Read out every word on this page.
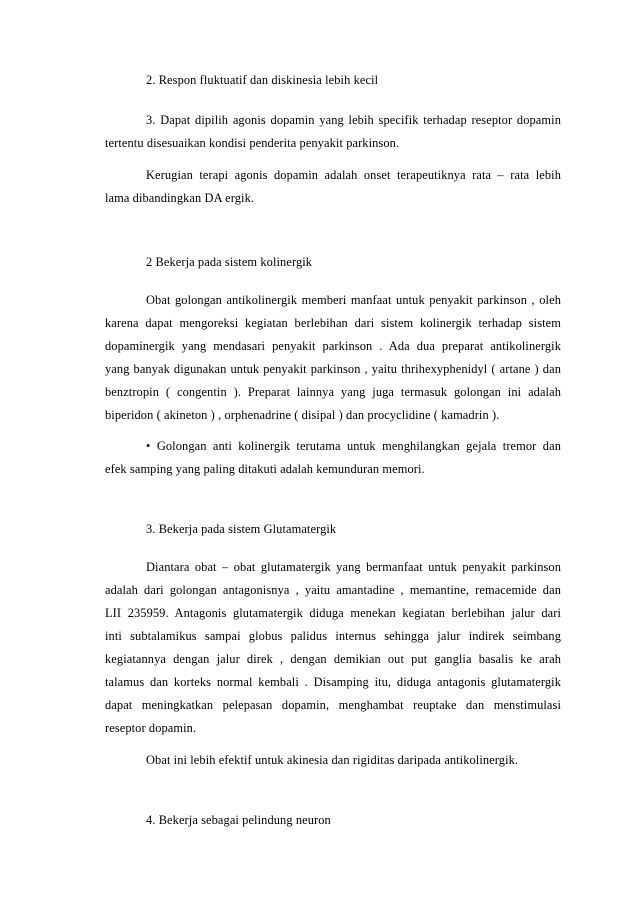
2. Respon fluktuatif dan diskinesia lebih kecil
3. Dapat dipilih agonis dopamin yang lebih specifik terhadap reseptor dopamin
tertentu disesuaikan kondisi penderita penyakit parkinson.
Kerugian terapi agonis dopamin adalah onset terapeutiknya rata – rata lebih
lama dibandingkan DA ergik.
2 Bekerja pada sistem kolinergik
Obat golongan antikolinergik memberi manfaat untuk penyakit parkinson , oleh
karena dapat mengoreksi kegiatan berlebihan dari sistem kolinergik terhadap sistem
dopaminergik yang mendasari penyakit parkinson . Ada dua preparat antikolinergik
yang banyak digunakan untuk penyakit parkinson , yaitu thrihexyphenidyl ( artane ) dan
benztropin ( congentin ). Preparat lainnya yang juga termasuk golongan ini adalah
biperidon ( akineton ) , orphenadrine ( disipal ) dan procyclidine ( kamadrin ).
• Golongan anti kolinergik terutama untuk menghilangkan gejala tremor dan
efek samping yang paling ditakuti adalah kemunduran memori.
3. Bekerja pada sistem Glutamatergik
Diantara obat – obat glutamatergik yang bermanfaat untuk penyakit parkinson
adalah dari golongan antagonisnya , yaitu amantadine , memantine, remacemide dan
LII 235959. Antagonis glutamatergik diduga menekan kegiatan berlebihan jalur dari
inti subtalamikus sampai globus palidus internus sehingga jalur indirek seimbang
kegiatannya dengan jalur direk , dengan demikian out put ganglia basalis ke arah
talamus dan korteks normal kembali . Disamping itu, diduga antagonis glutamatergik
dapat meningkatkan pelepasan dopamin, menghambat reuptake dan menstimulasi
reseptor dopamin.
Obat ini lebih efektif untuk akinesia dan rigiditas daripada antikolinergik.
4. Bekerja sebagai pelindung neuron
